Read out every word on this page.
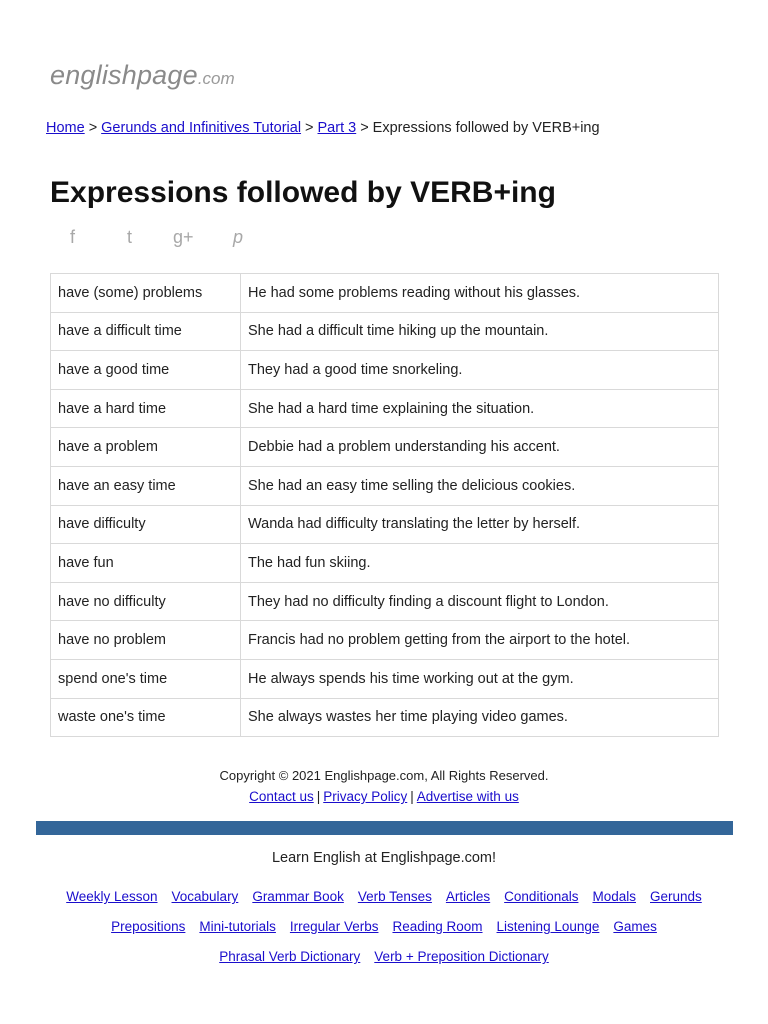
englishpage.com
Home > Gerunds and Infinitives Tutorial > Part 3 > Expressions followed by VERB+ing
Expressions followed by VERB+ing
f	t	g+	p
have (some) problems	He had some problems reading without his glasses.
have a difficult time	She had a difficult time hiking up the mountain.
have a good time	They had a good time snorkeling.
have a hard time	She had a hard time explaining the situation.
have a problem	Debbie had a problem understanding his accent.
have an easy time	She had an easy time selling the delicious cookies.
have difficulty	Wanda had difficulty translating the letter by herself.
have fun	The had fun skiing.
have no difficulty	They had no difficulty finding a discount flight to London.
have no problem	Francis had no problem getting from the airport to the hotel.
spend one's time	He always spends his time working out at the gym.
waste one's time	She always wastes her time playing video games.
Copyright © 2021 Englishpage.com, All Rights Reserved.
Contact us | Privacy Policy | Advertise with us
Learn English at Englishpage.com!
Weekly Lesson Vocabulary Grammar Book Verb Tenses Articles Conditionals Modals Gerunds
Prepositions Mini-tutorials Irregular Verbs Reading Room Listening Lounge Games
Phrasal Verb Dictionary Verb + Preposition Dictionary
